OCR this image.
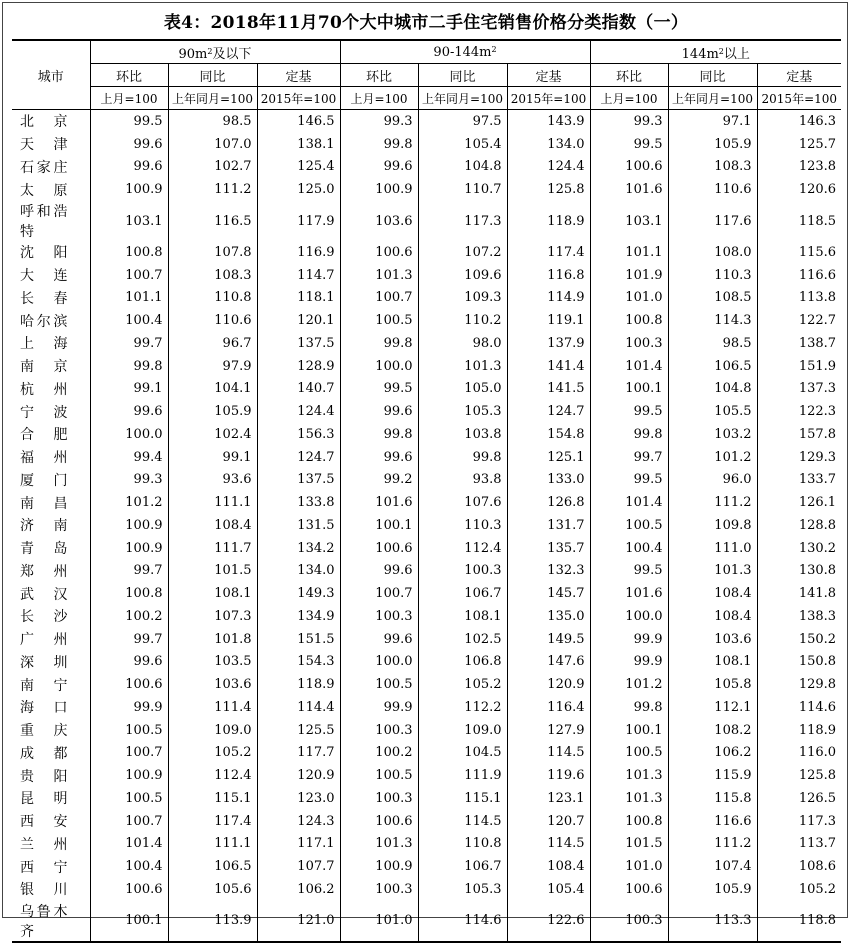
表4：2018年11月70个大中城市二手住宅销售价格分类指数（一）
城市	$90m^2$及以下			$90-144m^2$			$144m^2$以上		
	环比	同比	定基	环比	同比	定基	环比	同比	定基
	上月=100	上年同月=100	2015年=100	上月=100	上年同月=100	2015年=100	上月=100	上年同月=100	2015年=100
北京	99.5	98.5	146.5	99.3	97.5	143.9	99.3	97.1	146.3
天津	99.6	107.0	138.1	99.8	105.4	134.0	99.5	105.9	125.7
石家庄	99.6	102.7	125.4	99.6	104.8	124.4	100.6	108.3	123.8
太原	100.9	111.2	125.0	100.9	110.7	125.8	101.6	110.6	120.6
呼和浩特	103.1	116.5	117.9	103.6	117.3	118.9	103.1	117.6	118.5
沈阳	100.8	107.8	116.9	100.6	107.2	117.4	101.1	108.0	115.6
大连	100.7	108.3	114.7	101.3	109.6	116.8	101.9	110.3	116.6
长春	101.1	110.8	118.1	100.7	109.3	114.9	101.0	108.5	113.8
哈尔滨	100.4	110.6	120.1	100.5	110.2	119.1	100.8	114.3	122.7
上海	99.7	96.7	137.5	99.8	98.0	137.9	100.3	98.5	138.7
南京	99.8	97.9	128.9	100.0	101.3	141.4	101.4	106.5	151.9
杭州	99.1	104.1	140.7	99.5	105.0	141.5	100.1	104.8	137.3
宁波	99.6	105.9	124.4	99.6	105.3	124.7	99.5	105.5	122.3
合肥	100.0	102.4	156.3	99.8	103.8	154.8	99.8	103.2	157.8
福州	99.4	99.1	124.7	99.6	99.8	125.1	99.7	101.2	129.3
厦门	99.3	93.6	137.5	99.2	93.8	133.0	99.5	96.0	133.7
南昌	101.2	111.1	133.8	101.6	107.6	126.8	101.4	111.2	126.1
济南	100.9	108.4	131.5	100.1	110.3	131.7	100.5	109.8	128.8
青岛	100.9	111.7	134.2	100.6	112.4	135.7	100.4	111.0	130.2
郑州	99.7	101.5	134.0	99.6	100.3	132.3	99.5	101.3	130.8
武汉	100.8	108.1	149.3	100.7	106.7	145.7	101.6	108.4	141.8
长沙	100.2	107.3	134.9	100.3	108.1	135.0	100.0	108.4	138.3
广州	99.7	101.8	151.5	99.6	102.5	149.5	99.9	103.6	150.2
深圳	99.6	103.5	154.3	100.0	106.8	147.6	99.9	108.1	150.8
南宁	100.6	103.6	118.9	100.5	105.2	120.9	101.2	105.8	129.8
海口	99.9	111.4	114.4	99.9	112.2	116.4	99.8	112.1	114.6
重庆	100.5	109.0	125.5	100.3	109.0	127.9	100.1	108.2	118.9
成都	100.7	105.2	117.7	100.2	104.5	114.5	100.5	106.2	116.0
贵阳	100.9	112.4	120.9	100.5	111.9	119.6	101.3	115.9	125.8
昆明	100.5	115.1	123.0	100.3	115.1	123.1	101.3	115.8	126.5
西安	100.7	117.4	124.3	100.6	114.5	120.7	100.8	116.6	117.3
兰州	101.4	111.1	117.1	101.3	110.8	114.5	101.5	111.2	113.7
西宁	100.4	106.5	107.7	100.9	106.7	108.4	101.0	107.4	108.6
银川	100.6	105.6	106.2	100.3	105.3	105.4	100.6	105.9	105.2
乌鲁木齐	100.1	113.9	121.0	101.0	114.6	122.6	100.3	113.3	118.8
